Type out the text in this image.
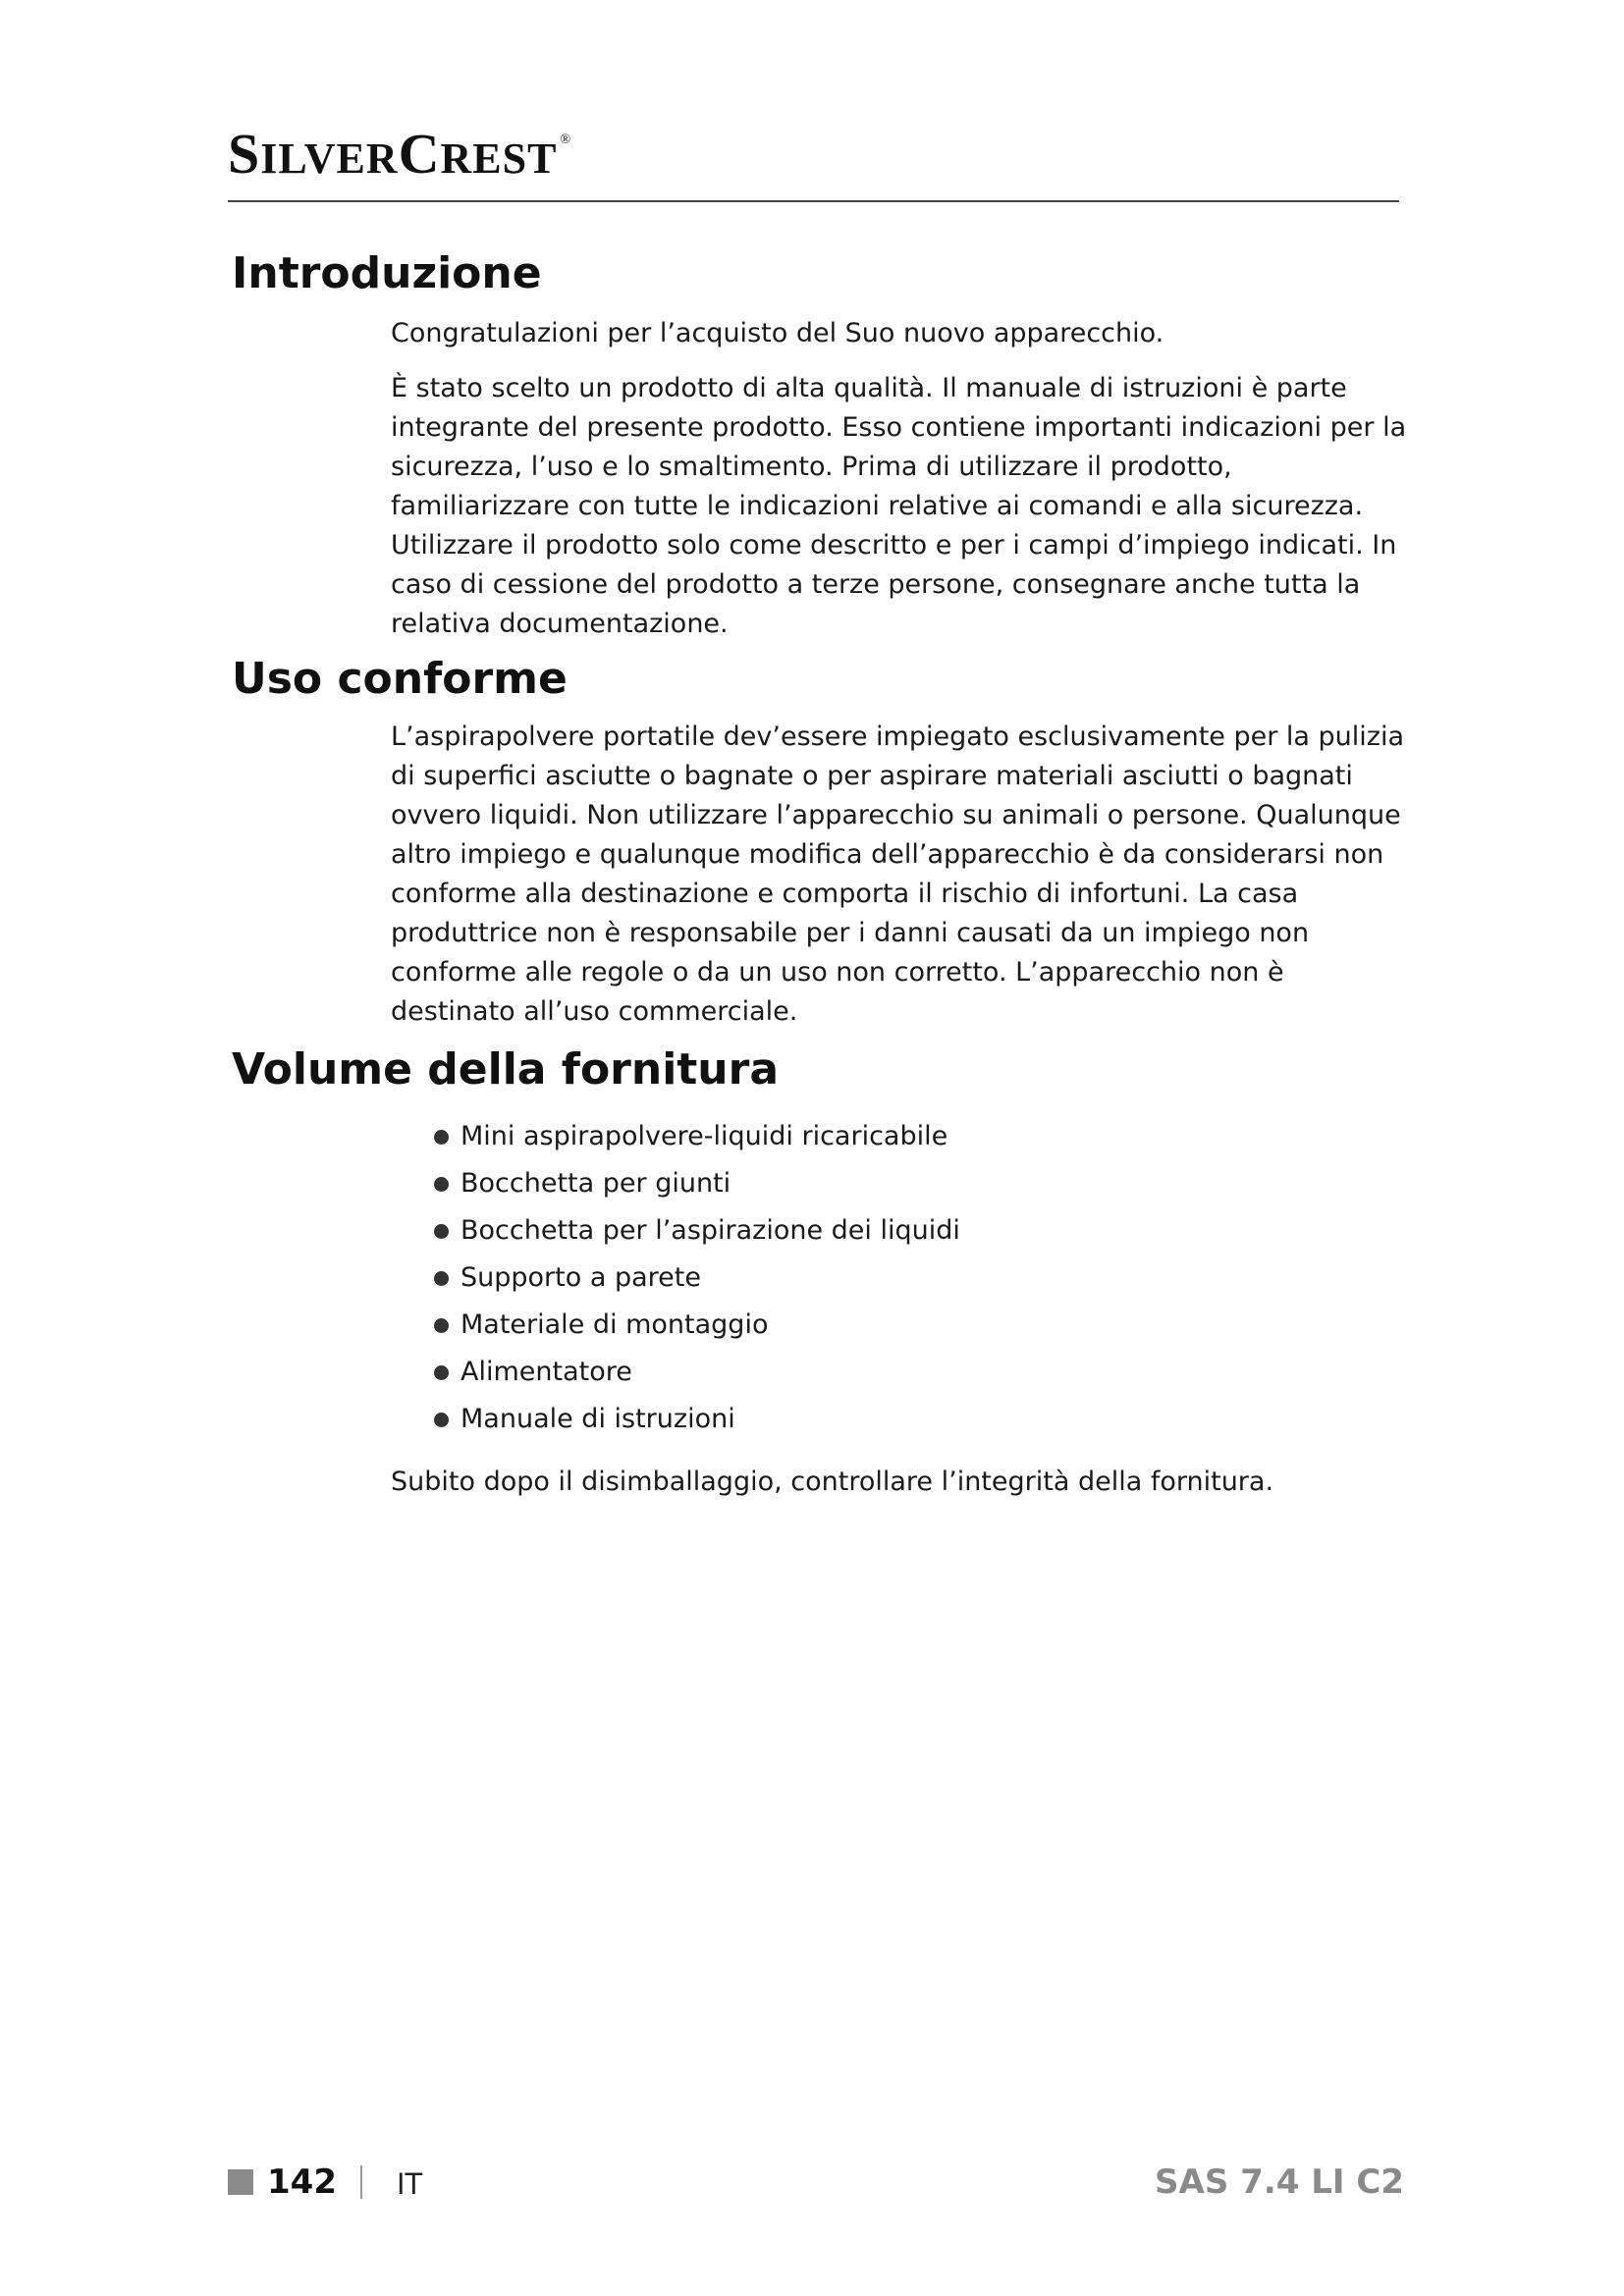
SILVERCREST ®
Introduzione

Congratulazioni per l’acquisto del Suo nuovo apparecchio.

È stato scelto un prodotto di alta qualità. Il manuale di istruzioni è parte integrante del presente prodotto. Esso contiene importanti indicazioni per la sicurezza, l’uso e lo smaltimento. Prima di utilizzare il prodotto, familiarizzare con tutte le indicazioni relative ai comandi e alla sicurezza. Utilizzare il prodotto solo come descritto e per i campi d’impiego indicati. In caso di cessione del prodotto a terze persone, consegnare anche tutta la relativa documentazione.

Uso conforme

L’aspirapolvere portatile dev’essere impiegato esclusivamente per la pulizia di superfici asciutte o bagnate o per aspirare materiali asciutti o bagnati ovvero liquidi. Non utilizzare l’apparecchio su animali o persone. Qualunque altro impiego e qualunque modifica dell’apparecchio è da considerarsi non conforme alla destinazione e comporta il rischio di infortuni. La casa produttrice non è responsabile per i danni causati da un impiego non conforme alle regole o da un uso non corretto. L’apparecchio non è destinato all’uso commerciale.

Volume della fornitura
Mini aspirapolvere-liquidi ricaricabile
Bocchetta per giunti
Bocchetta per l’aspirazione dei liquidi
Supporto a parete
Materiale di montaggio
Alimentatore
Manuale di istruzioni

Subito dopo il disimballaggio, controllare l’integrità della fornitura.

142 IT	SAS 7.4 LI C2
